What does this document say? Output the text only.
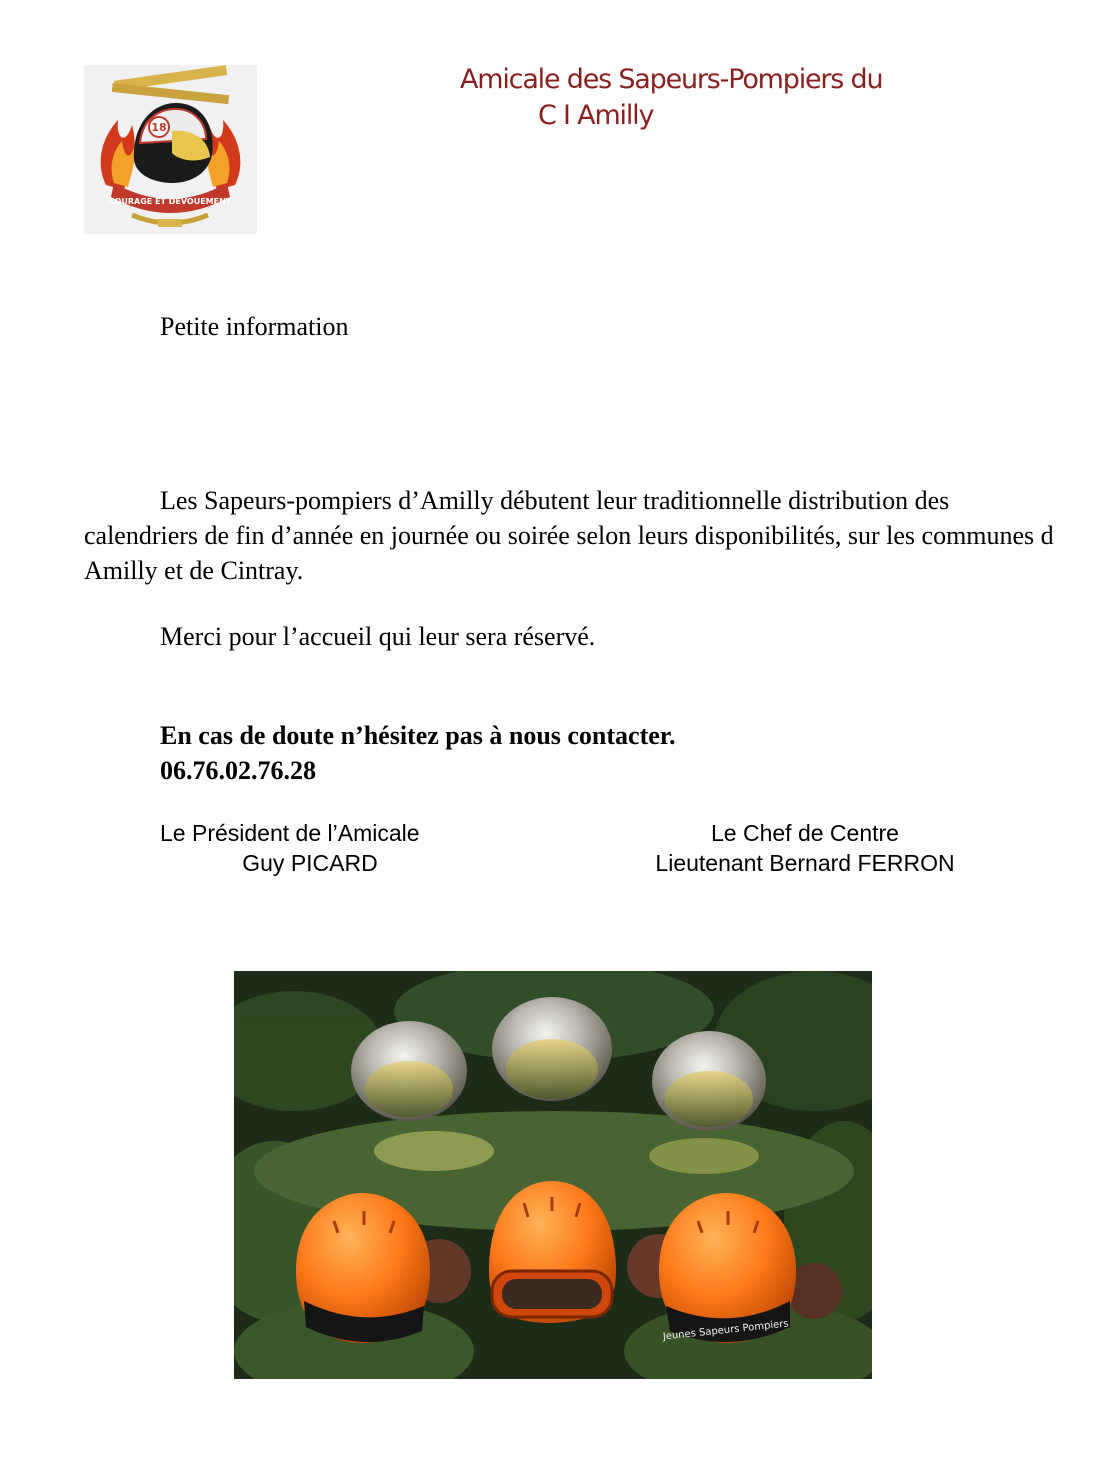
18
COURAGE ET DEVOUEMENT
Amicale des Sapeurs-Pompiers du
C I Amilly
Petite information
Les Sapeurs-pompiers d’Amilly débutent leur traditionnelle distribution des calendriers de fin d’année en journée ou soirée selon leurs disponibilités, sur les communes d Amilly et de Cintray.
Merci pour l’accueil qui leur sera réservé.
En cas de doute n’hésitez pas à nous contacter.
06.76.02.76.28
Le Président de l’Amicale
Guy PICARD
Le Chef de Centre
Lieutenant Bernard FERRON
Jeunes Sapeurs Pompiers
